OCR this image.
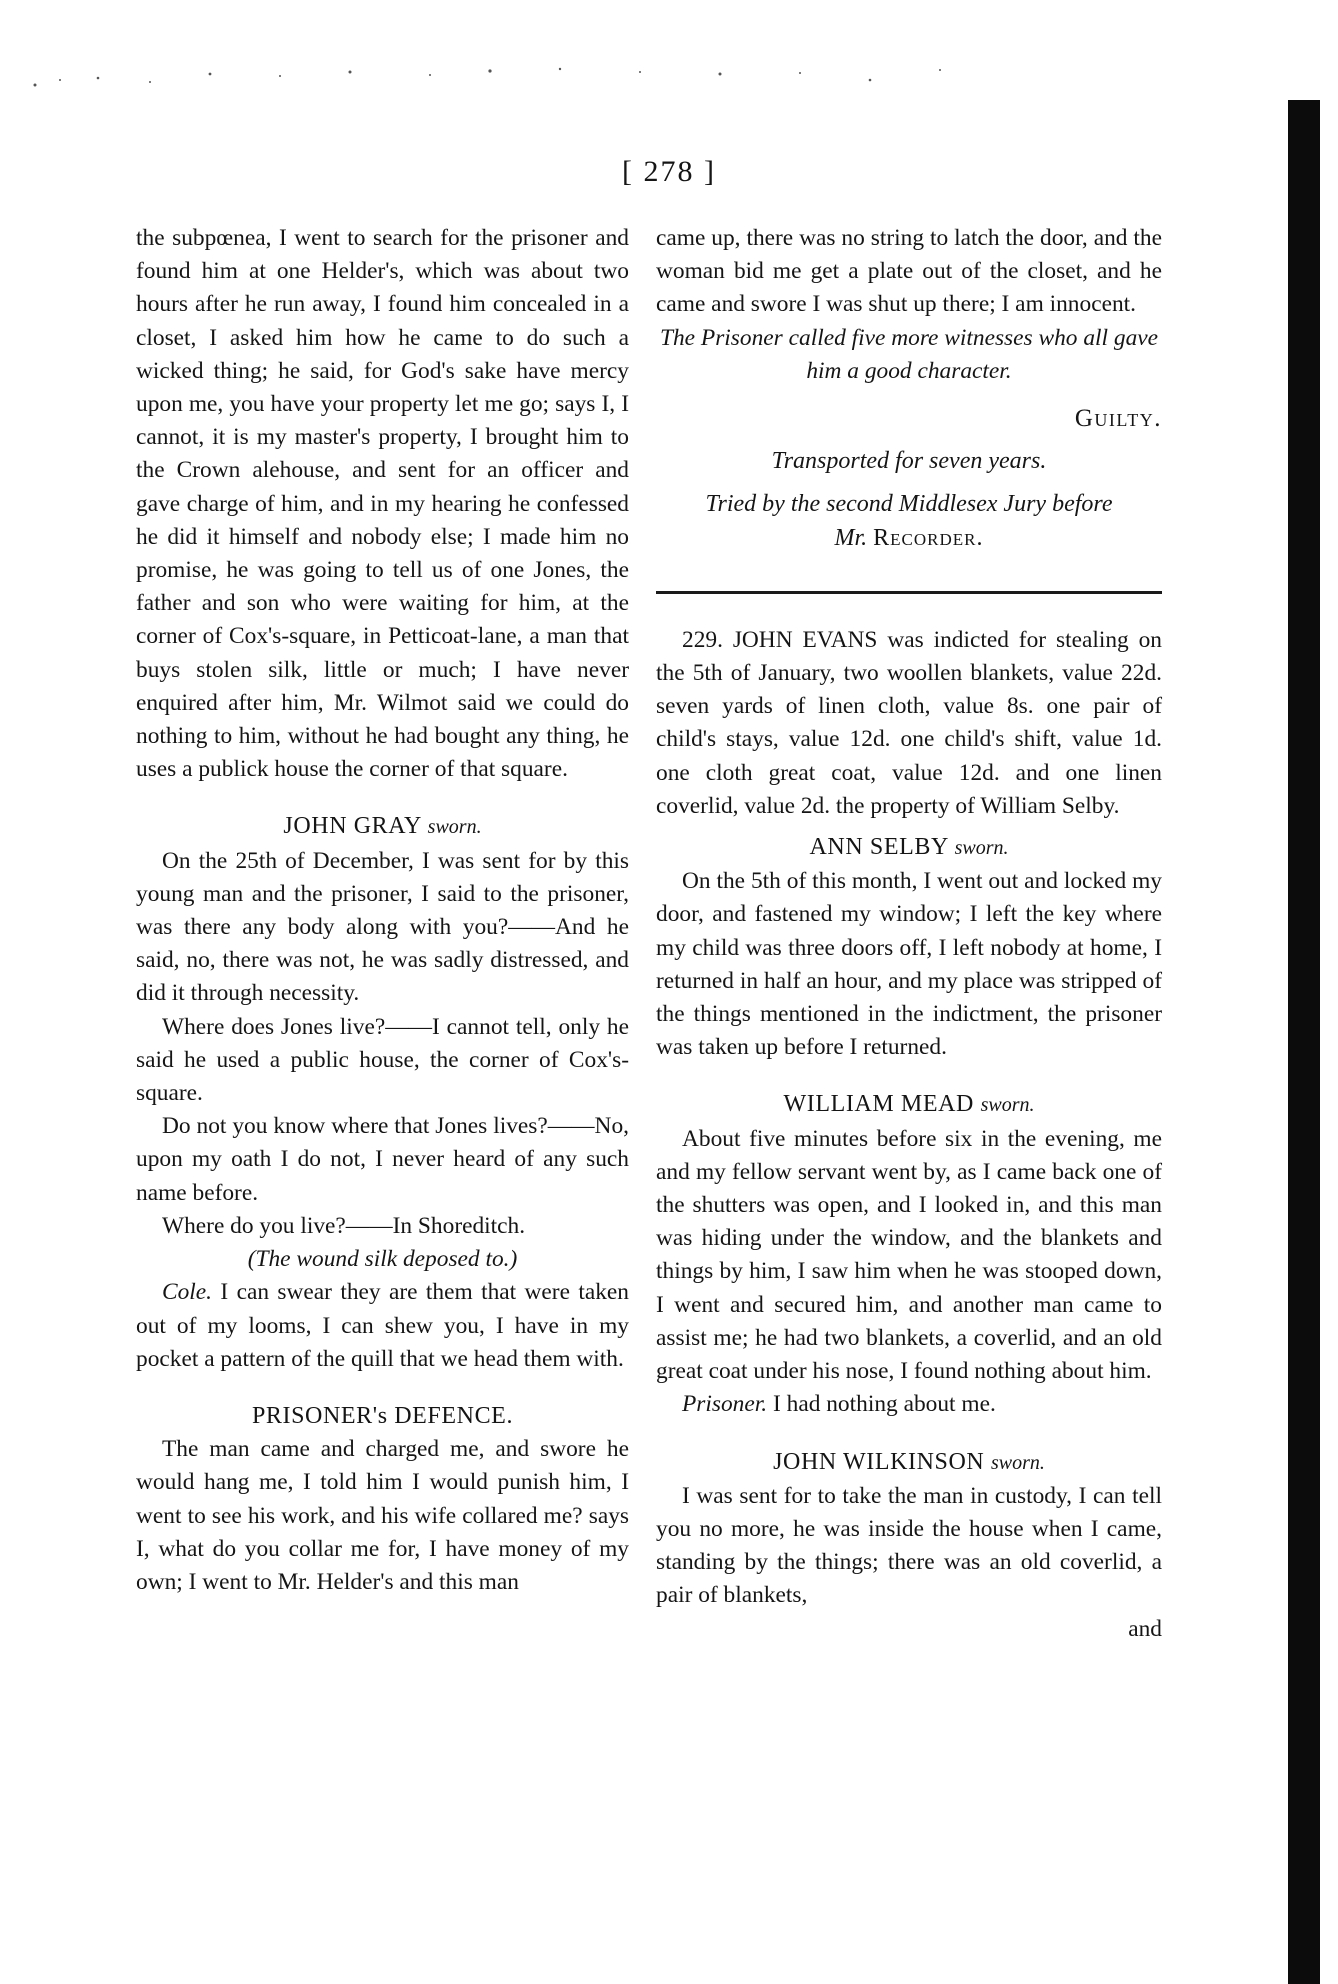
[ 278 ]

the subpœnea, I went to search for the prisoner and found him at one Helder's, which was about two hours after he run away, I found him concealed in a closet, I asked him how he came to do such a wicked thing; he said, for God's sake have mercy upon me, you have your property let me go; says I, I cannot, it is my master's property, I brought him to the Crown alehouse, and sent for an officer and gave charge of him, and in my hearing he confessed he did it himself and nobody else; I made him no promise, he was going to tell us of one Jones, the father and son who were waiting for him, at the corner of Cox's-square, in Petticoat-lane, a man that buys stolen silk, little or much; I have never enquired after him, Mr. Wilmot said we could do nothing to him, without he had bought any thing, he uses a publick house the corner of that square.

JOHN GRAY sworn.

On the 25th of December, I was sent for by this young man and the prisoner, I said to the prisoner, was there any body along with you?——And he said, no, there was not, he was sadly distressed, and did it through necessity.

Where does Jones live?——I cannot tell, only he said he used a public house, the corner of Cox's-square.

Do not you know where that Jones lives?——No, upon my oath I do not, I never heard of any such name before.

Where do you live?——In Shoreditch.

(The wound silk deposed to.)

Cole. I can swear they are them that were taken out of my looms, I can shew you, I have in my pocket a pattern of the quill that we head them with.

PRISONER's DEFENCE.

The man came and charged me, and swore he would hang me, I told him I would punish him, I went to see his work, and his wife collared me? says I, what do you collar me for, I have money of my own; I went to Mr. Helder's and this man

came up, there was no string to latch the door, and the woman bid me get a plate out of the closet, and he came and swore I was shut up there; I am innocent.

The Prisoner called five more witnesses who all gave him a good character.

Guilty.
Transported for seven years.
Tried by the second Middlesex Jury before
Mr. Recorder.

229. JOHN EVANS was indicted for stealing on the 5th of January, two woollen blankets, value 22d. seven yards of linen cloth, value 8s. one pair of child's stays, value 12d. one child's shift, value 1d. one cloth great coat, value 12d. and one linen coverlid, value 2d. the property of William Selby.

ANN SELBY sworn.

On the 5th of this month, I went out and locked my door, and fastened my window; I left the key where my child was three doors off, I left nobody at home, I returned in half an hour, and my place was stripped of the things mentioned in the indictment, the prisoner was taken up before I returned.

WILLIAM MEAD sworn.

About five minutes before six in the evening, me and my fellow servant went by, as I came back one of the shutters was open, and I looked in, and this man was hiding under the window, and the blankets and things by him, I saw him when he was stooped down, I went and secured him, and another man came to assist me; he had two blankets, a coverlid, and an old great coat under his nose, I found nothing about him.

Prisoner. I had nothing about me.

JOHN WILKINSON sworn.

I was sent for to take the man in custody, I can tell you no more, he was inside the house when I came, standing by the things; there was an old coverlid, a pair of blankets,

and
